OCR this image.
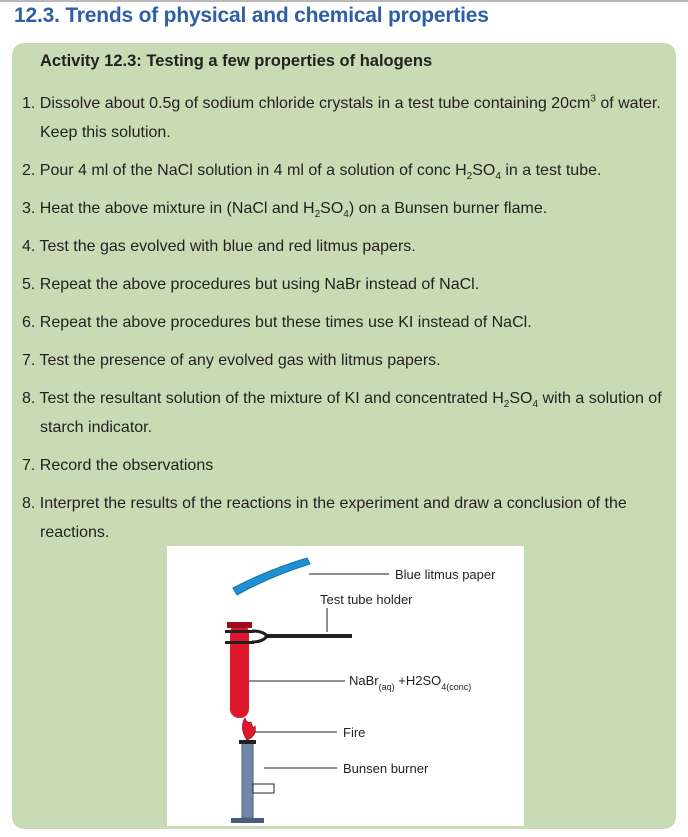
12.3. Trends of physical and chemical properties
Activity 12.3: Testing a few properties of halogens
1. Dissolve about 0.5g of sodium chloride crystals in a test tube containing $20cm^3$ of water. Keep this solution.
2. Pour 4 ml of the NaCl solution in 4 ml of a solution of conc $H_2SO_4$ in a test tube.
3. Heat the above mixture in (NaCl and $H_2SO_4$) on a Bunsen burner flame.
4. Test the gas evolved with blue and red litmus papers.
5. Repeat the above procedures but using NaBr instead of NaCl.
6. Repeat the above procedures but these times use KI instead of NaCl.
7. Test the presence of any evolved gas with litmus papers.
8. Test the resultant solution of the mixture of KI and concentrated $H_2SO_4$ with a solution of starch indicator.
7. Record the observations
8. Interpret the results of the reactions in the experiment and draw a conclusion of the reactions.
Blue litmus paper
Test tube holder
NaBr$_{(aq)}$ $+H2SO_{4(conc)}$
Fire
Bunsen burner
